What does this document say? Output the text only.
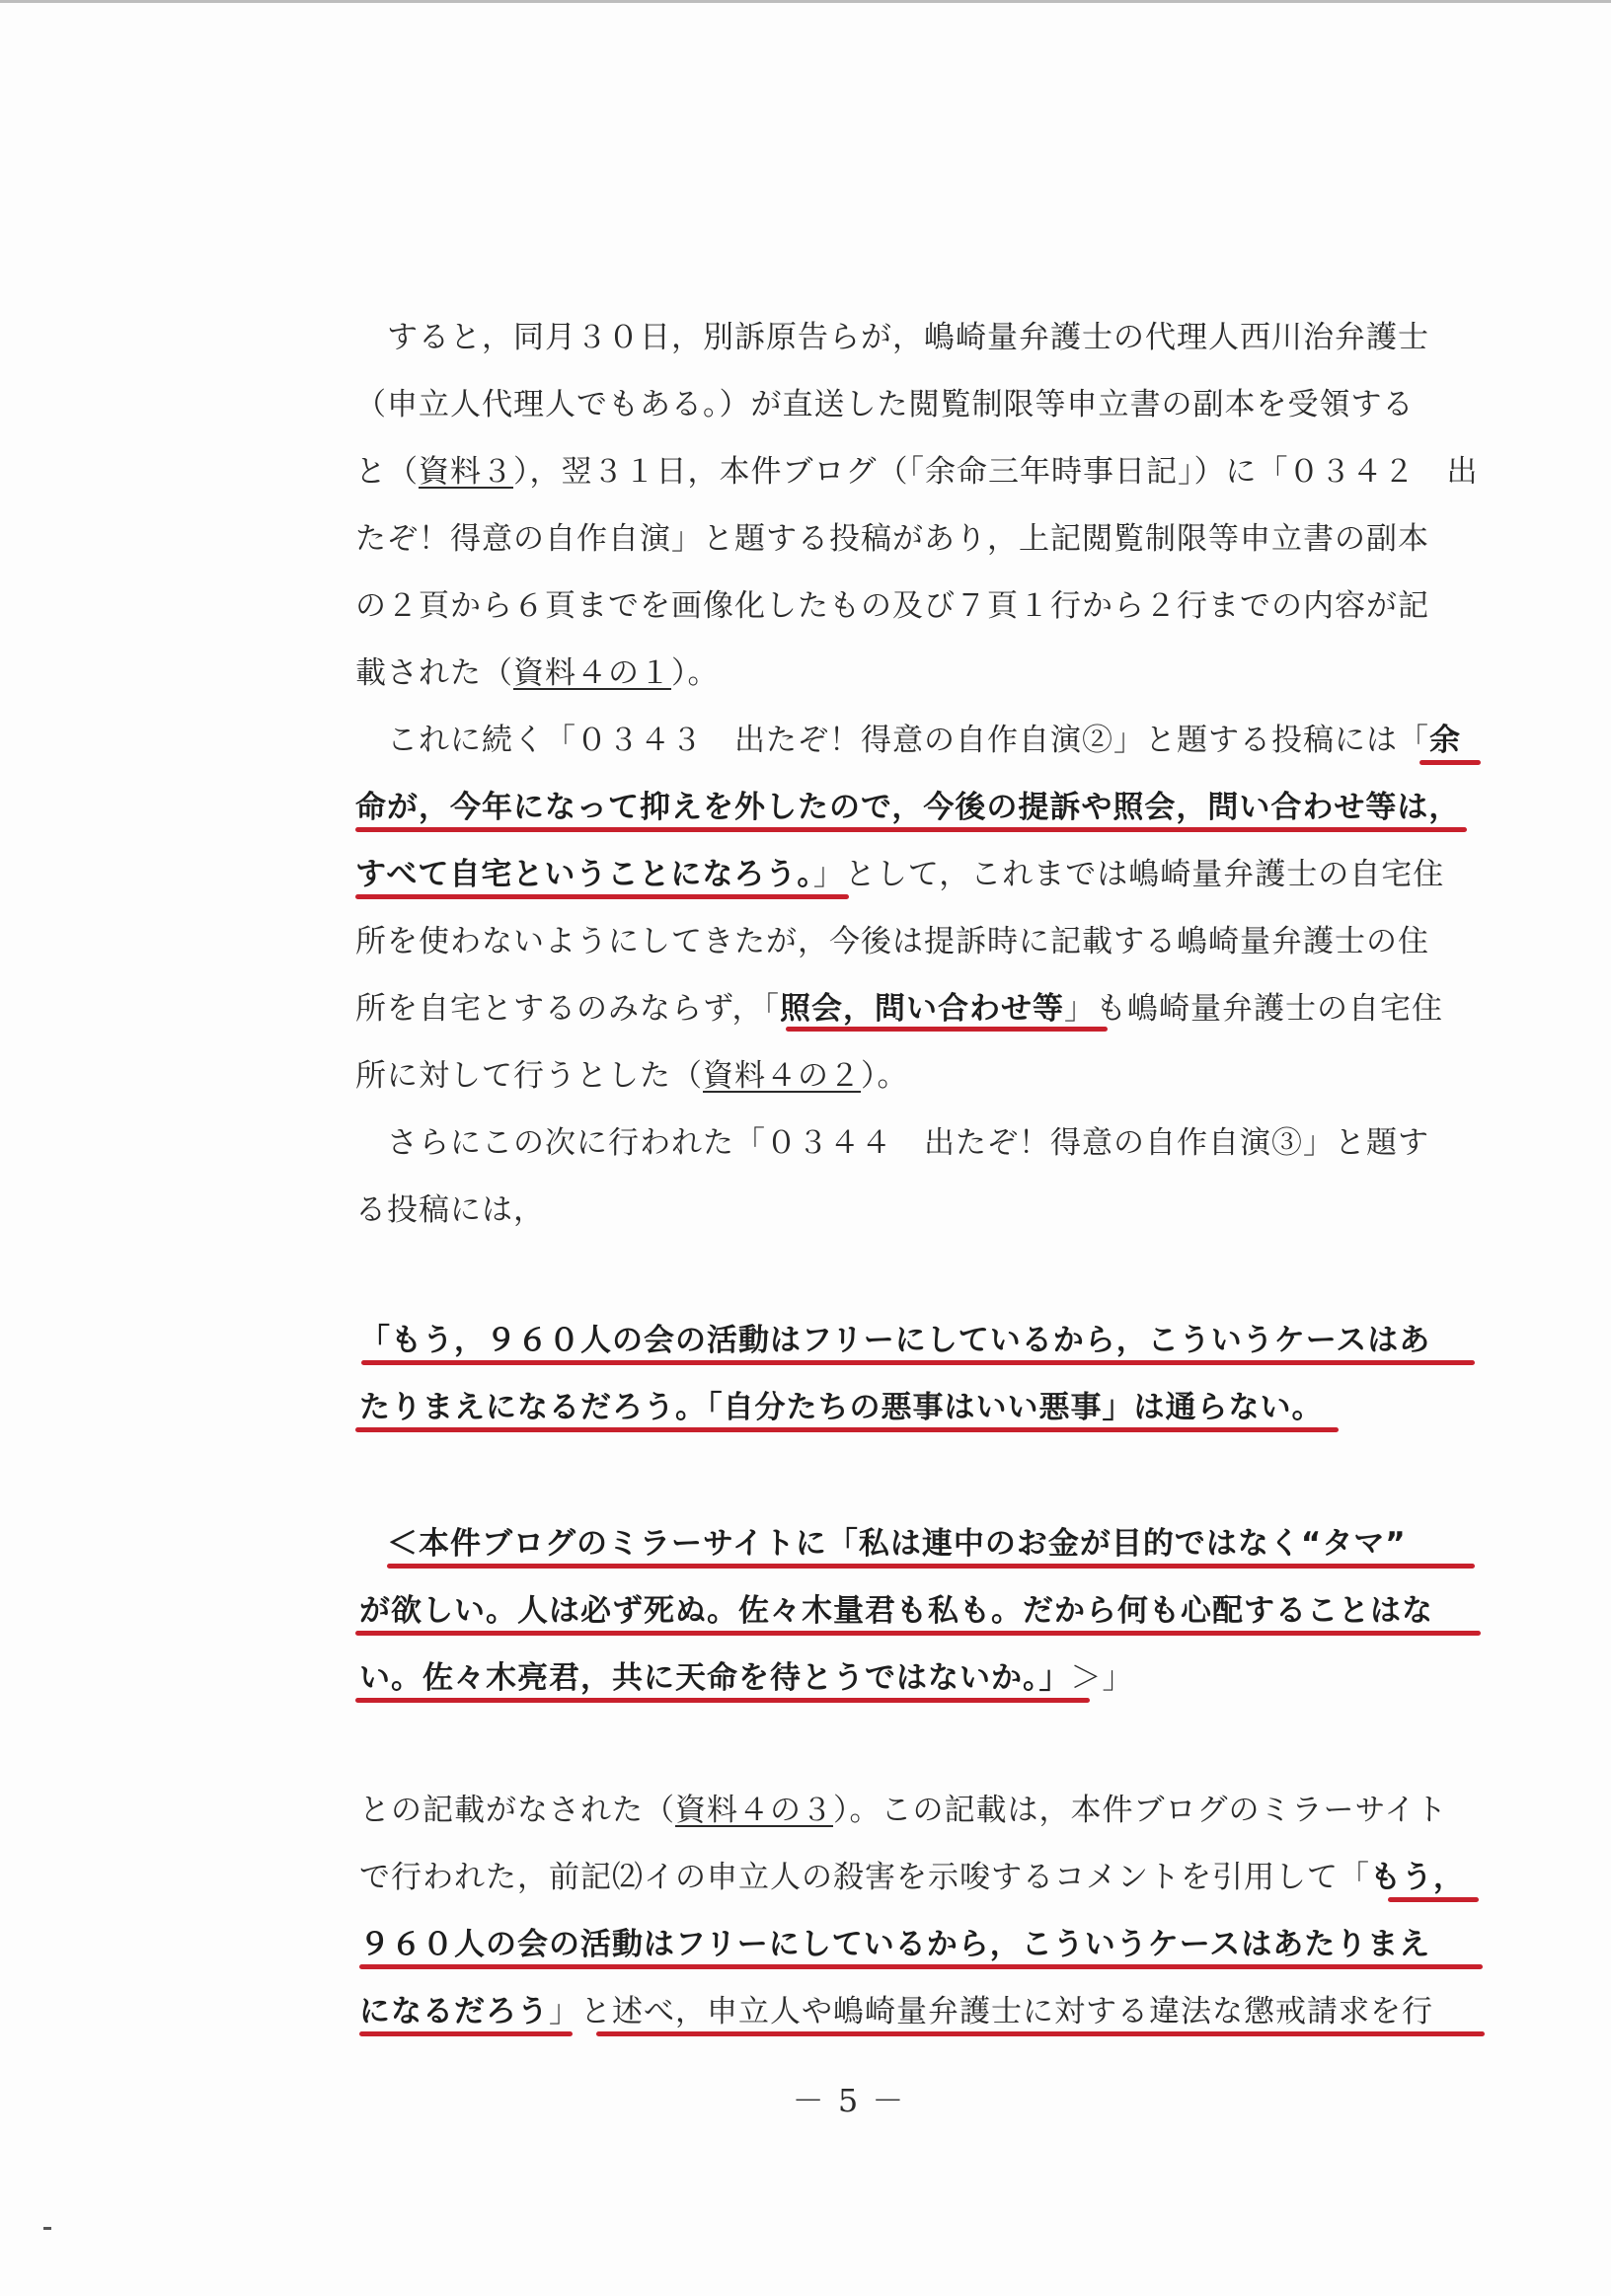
　すると，同月３０日，別訴原告らが，嶋崎量弁護士の代理人西川治弁護士
（申立人代理人でもある。）が直送した閲覧制限等申立書の副本を受領する
と（資料３），翌３１日，本件ブログ（「余命三年時事日記」）に「０３４２　出
たぞ！得意の自作自演」と題する投稿があり，上記閲覧制限等申立書の副本
の２頁から６頁までを画像化したもの及び７頁１行から２行までの内容が記
載された（資料４の１）。
　これに続く「０３４３　出たぞ！得意の自作自演②」と題する投稿には「余
命が，今年になって抑えを外したので，今後の提訴や照会，問い合わせ等は，
すべて自宅ということになろう。」として，これまでは嶋崎量弁護士の自宅住
所を使わないようにしてきたが，今後は提訴時に記載する嶋崎量弁護士の住
所を自宅とするのみならず，「照会，問い合わせ等」も嶋崎量弁護士の自宅住
所に対して行うとした（資料４の２）。
　さらにこの次に行われた「０３４４　出たぞ！得意の自作自演③」と題す
る投稿には，
「もう，９６０人の会の活動はフリーにしているから，こういうケースはあ
たりまえになるだろう。「自分たちの悪事はいい悪事」は通らない。
＜本件ブログのミラーサイトに「私は連中のお金が目的ではなく“タマ”
が欲しい。人は必ず死ぬ。佐々木量君も私も。だから何も心配することはな
い。佐々木亮君，共に天命を待とうではないか。」＞」
との記載がなされた（資料４の３）。この記載は，本件ブログのミラーサイト
で行われた，前記⑵イの申立人の殺害を示唆するコメントを引用して「もう，
９６０人の会の活動はフリーにしているから，こういうケースはあたりまえ
になるだろう」と述べ，申立人や嶋崎量弁護士に対する違法な懲戒請求を行
－ 5 －
